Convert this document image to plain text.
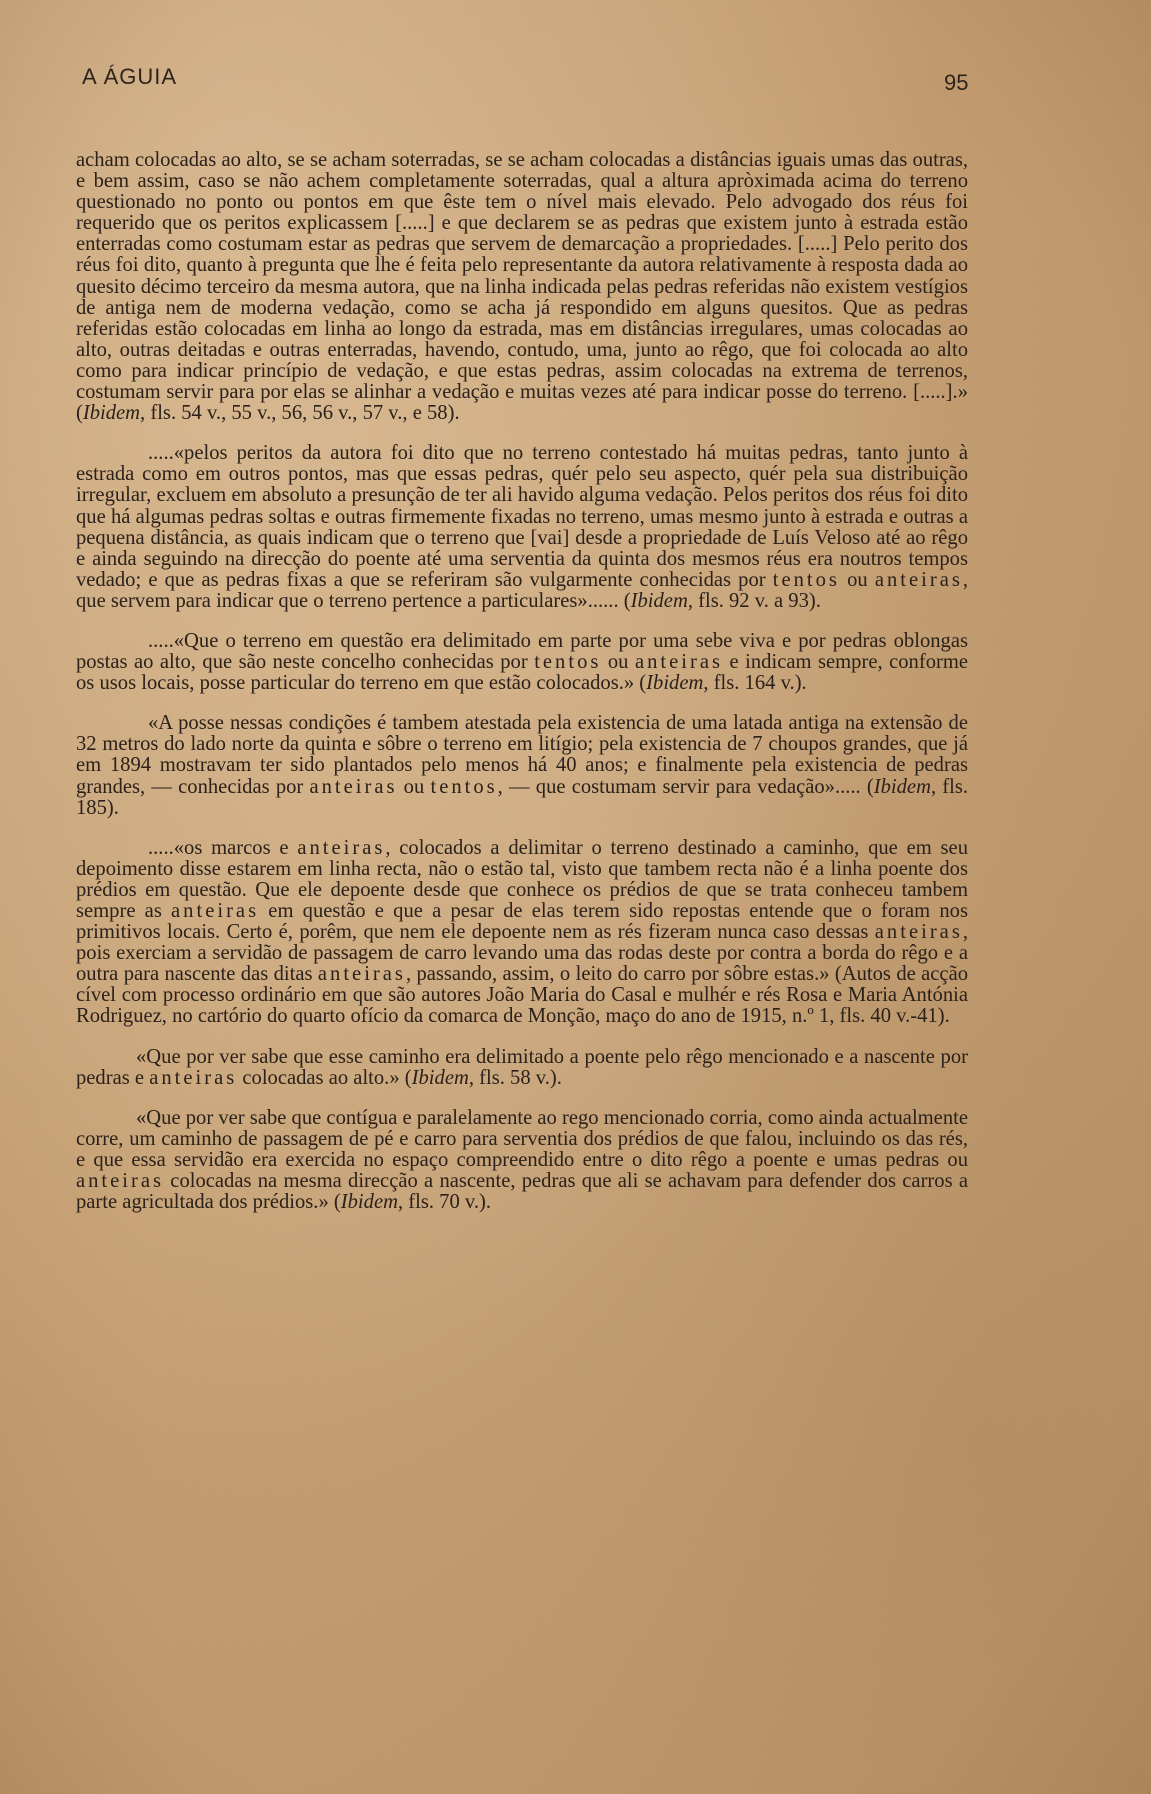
A ÁGUIA	95

acham colocadas ao alto, se se acham soterradas, se se acham colocadas a distâncias iguais umas das outras, e bem assim, caso se não achem completamente soterradas, qual a altura apròximada acima do terreno questionado no ponto ou pontos em que êste tem o nível mais elevado. Pelo advogado dos réus foi requerido que os peritos explicassem [.....] e que declarem se as pedras que existem junto à estrada estão enterradas como costumam estar as pedras que servem de demarcação a propriedades. [.....] Pelo perito dos réus foi dito, quanto à pregunta que lhe é feita pelo representante da autora relativamente à resposta dada ao quesito décimo terceiro da mesma autora, que na linha indicada pelas pedras referidas não existem vestígios de antiga nem de moderna vedação, como se acha já respondido em alguns quesitos. Que as pedras referidas estão colocadas em linha ao longo da estrada, mas em distâncias irregulares, umas colocadas ao alto, outras deitadas e outras enterradas, havendo, contudo, uma, junto ao rêgo, que foi colocada ao alto como para indicar princípio de vedação, e que estas pedras, assim colocadas na extrema de terrenos, costumam servir para por elas se alinhar a vedação e muitas vezes até para indicar posse do terreno. [.....].» (Ibidem, fls. 54 v., 55 v., 56, 56 v., 57 v., e 58).

.....«pelos peritos da autora foi dito que no terreno contestado há muitas pedras, tanto junto à estrada como em outros pontos, mas que essas pedras, quér pelo seu aspecto, quér pela sua distribuição irregular, excluem em absoluto a presunção de ter ali havido alguma vedação. Pelos peritos dos réus foi dito que há algumas pedras soltas e outras firmemente fixadas no terreno, umas mesmo junto à estrada e outras a pequena distância, as quais indicam que o terreno que [vai] desde a propriedade de Luís Veloso até ao rêgo e ainda seguindo na direcção do poente até uma serventia da quinta dos mesmos réus era noutros tempos vedado; e que as pedras fixas a que se referiram são vulgarmente conhecidas por tentos ou anteiras, que servem para indicar que o terreno pertence a particulares»...... (Ibidem, fls. 92 v. a 93).

.....«Que o terreno em questão era delimitado em parte por uma sebe viva e por pedras oblongas postas ao alto, que são neste concelho conhecidas por tentos ou anteiras e indicam sempre, conforme os usos locais, posse particular do terreno em que estão colocados.» (Ibidem, fls. 164 v.).

«A posse nessas condições é tambem atestada pela existencia de uma latada antiga na extensão de 32 metros do lado norte da quinta e sôbre o terreno em litígio; pela existencia de 7 choupos grandes, que já em 1894 mostravam ter sido plantados pelo menos há 40 anos; e finalmente pela existencia de pedras grandes, — conhecidas por anteiras ou tentos, — que costumam servir para vedação»..... (Ibidem, fls. 185).

.....«os marcos e anteiras, colocados a delimitar o terreno destinado a caminho, que em seu depoimento disse estarem em linha recta, não o estão tal, visto que tambem recta não é a linha poente dos prédios em questão. Que ele depoente desde que conhece os prédios de que se trata conheceu tambem sempre as anteiras em questão e que a pesar de elas terem sido repostas entende que o foram nos primitivos locais. Certo é, porêm, que nem ele depoente nem as rés fizeram nunca caso dessas anteiras, pois exerciam a servidão de passagem de carro levando uma das rodas deste por contra a borda do rêgo e a outra para nascente das ditas anteiras, passando, assim, o leito do carro por sôbre estas.» (Autos de acção cível com processo ordinário em que são autores João Maria do Casal e mulhér e rés Rosa e Maria Antónia Rodriguez, no cartório do quarto ofício da comarca de Monção, maço do ano de 1915, n.º 1, fls. 40 v.-41).

«Que por ver sabe que esse caminho era delimitado a poente pelo rêgo mencionado e a nascente por pedras e anteiras colocadas ao alto.» (Ibidem, fls. 58 v.).

«Que por ver sabe que contígua e paralelamente ao rego mencionado corria, como ainda actualmente corre, um caminho de passagem de pé e carro para serventia dos prédios de que falou, incluindo os das rés, e que essa servidão era exercida no espaço compreendido entre o dito rêgo a poente e umas pedras ou anteiras colocadas na mesma direcção a nascente, pedras que ali se achavam para defender dos carros a parte agricultada dos prédios.» (Ibidem, fls. 70 v.).
